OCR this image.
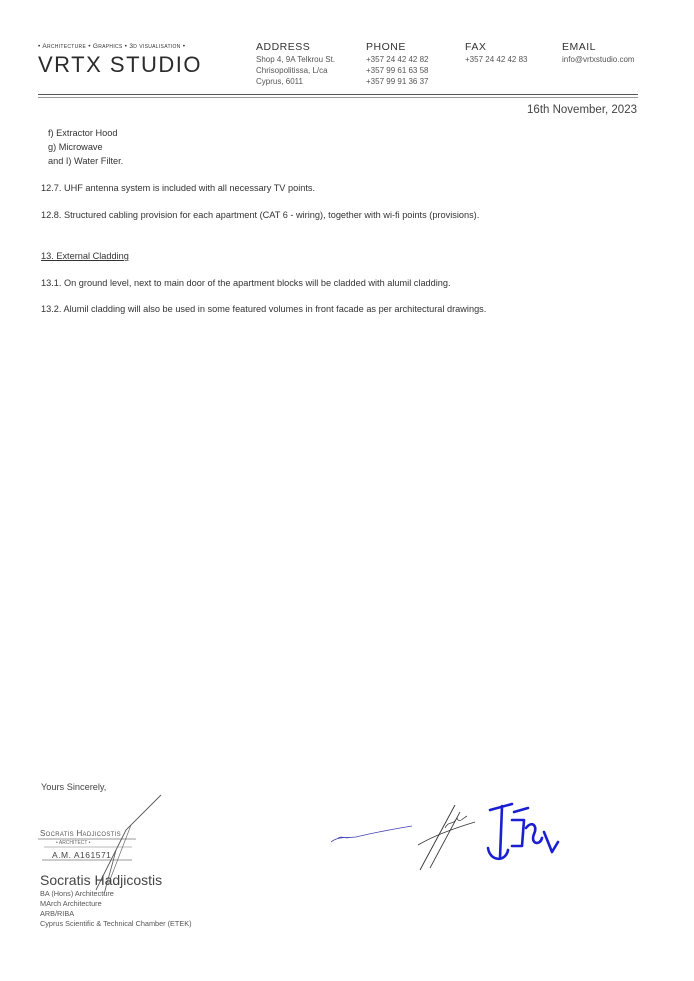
• Architecture • Graphics • 3d visualisation •
VRTX STUDIO
ADDRESS
Shop 4, 9A Telkrou St.
Chrisopolitissa, L/ca
Cyprus, 6011
PHONE
+357 24 42 42 82
+357 99 61 63 58
+357 99 91 36 37
FAX
+357 24 42 42 83
EMAIL
info@vrtxstudio.com
16th November, 2023
f) Extractor Hood
g) Microwave
and I) Water Filter.
12.7. UHF antenna system is included with all necessary TV points.
12.8. Structured cabling provision for each apartment (CAT 6 - wiring), together with wi-fi points (provisions).
13. External Cladding
13.1. On ground level, next to main door of the apartment blocks will be cladded with alumil cladding.
13.2. Alumil cladding will also be used in some featured volumes in front facade as per architectural drawings.
Yours Sincerely,
Socratis Hadjicostis
• ARCHITECT •
A.M. A161571
Socratis Hadjicostis
BA (Hons) Architecture
MArch Architecture
ARB/RIBA
Cyprus Scientific & Technical Chamber (ETEK)
